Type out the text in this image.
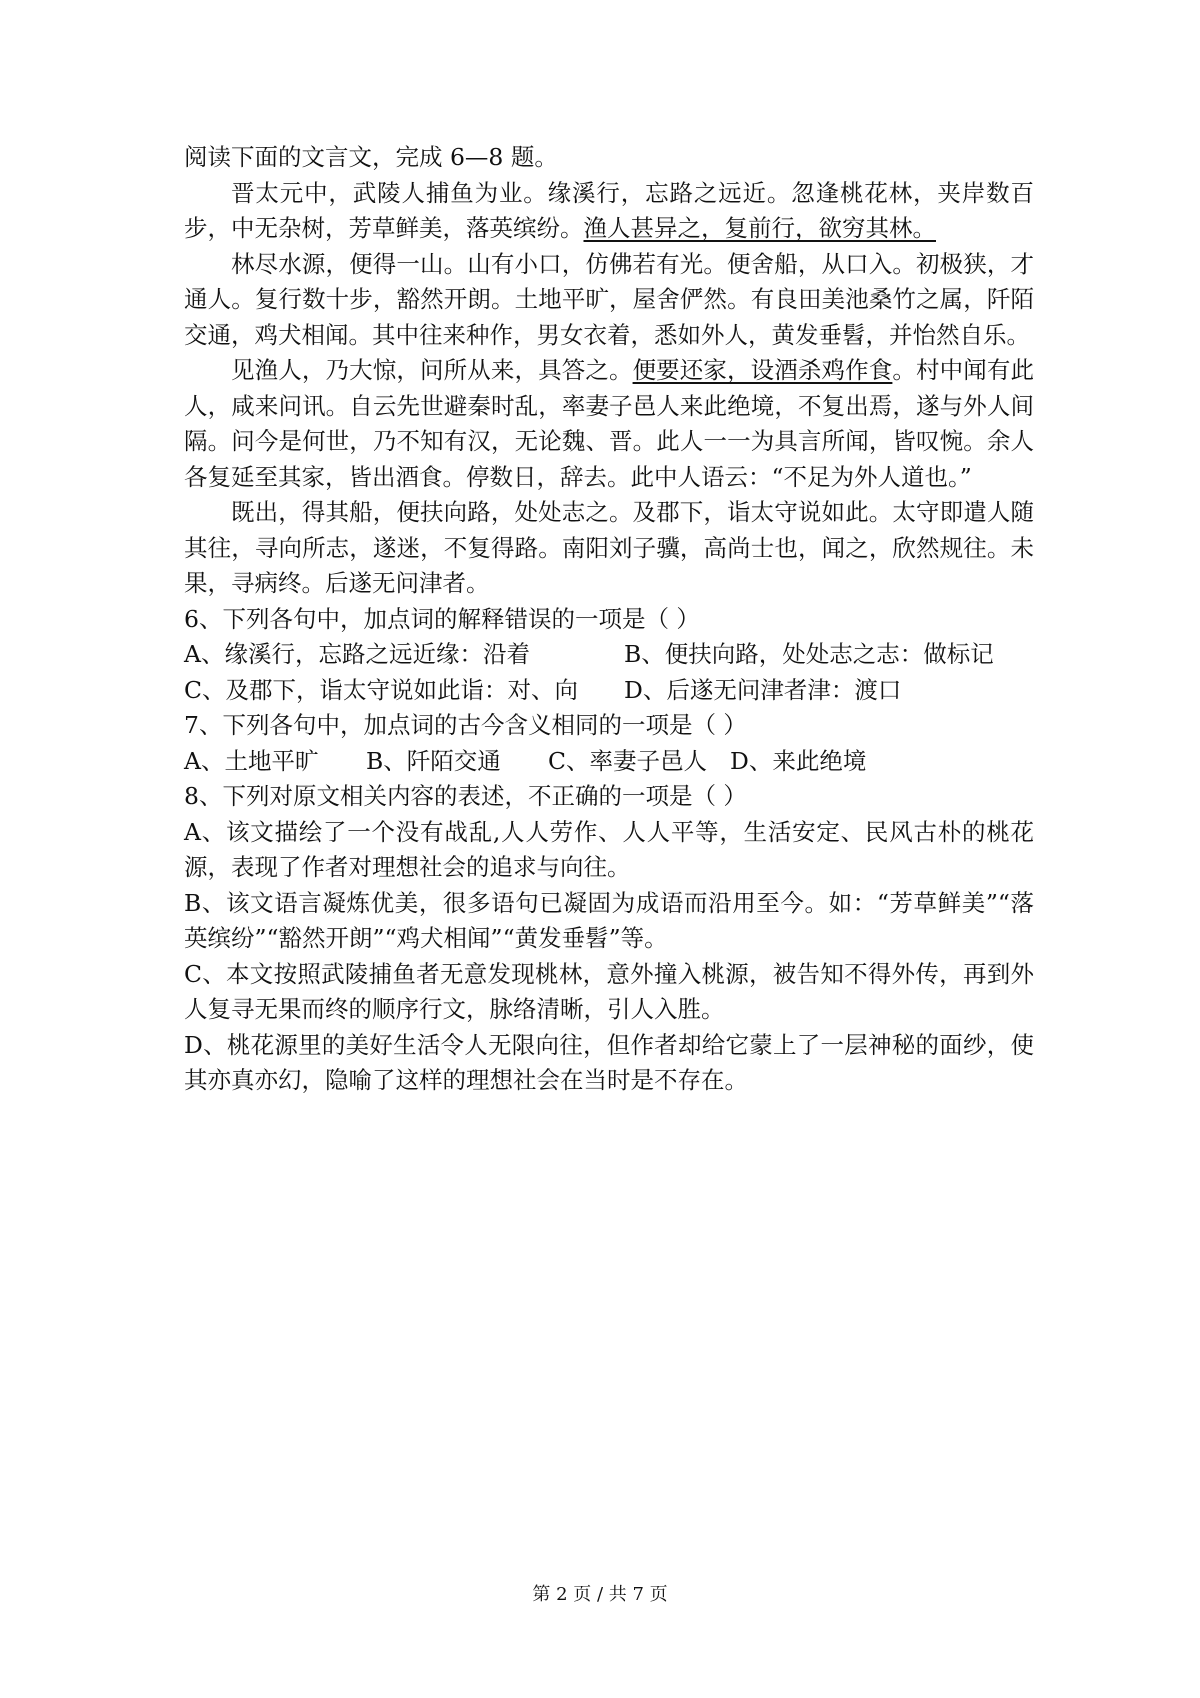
阅读下面的文言文，完成 6—8 题。

晋太元中，武陵人捕鱼为业。缘溪行，忘路之远近。忽逢桃花林，夹岸数百步，中无杂树，芳草鲜美，落英缤纷。渔人甚异之，复前行，欲穷其林。

林尽水源，便得一山。山有小口，仿佛若有光。便舍船，从口入。初极狭，才通人。复行数十步，豁然开朗。土地平旷，屋舍俨然。有良田美池桑竹之属，阡陌交通，鸡犬相闻。其中往来种作，男女衣着，悉如外人，黄发垂髫，并怡然自乐。

见渔人，乃大惊，问所从来，具答之。便要还家，设酒杀鸡作食。村中闻有此人，咸来问讯。自云先世避秦时乱，率妻子邑人来此绝境，不复出焉，遂与外人间隔。问今是何世，乃不知有汉，无论魏、晋。此人一一为具言所闻，皆叹惋。余人各复延至其家，皆出酒食。停数日，辞去。此中人语云：“不足为外人道也。”

既出，得其船，便扶向路，处处志之。及郡下，诣太守说如此。太守即遣人随其往，寻向所志，遂迷，不复得路。南阳刘子骥，高尚士也，闻之，欣然规往。未果，寻病终。后遂无问津者。

6、下列各句中，加点词的解释错误的一项是（ ）

A、缘溪行，忘路之远近缘：沿着	B、便扶向路，处处志之志：做标记
C、及郡下，诣太守说如此诣：对、向	D、后遂无问津者津：渡口

7、下列各句中，加点词的古今含义相同的一项是（ ）

A、土地平旷	B、阡陌交通	C、率妻子邑人 D、来此绝境

8、下列对原文相关内容的表述，不正确的一项是（ ）

A、该文描绘了一个没有战乱,人人劳作、人人平等，生活安定、民风古朴的桃花源，表现了作者对理想社会的追求与向往。

B、该文语言凝炼优美，很多语句已凝固为成语而沿用至今。如：“芳草鲜美”“落英缤纷”“豁然开朗”“鸡犬相闻”“黄发垂髫”等。

C、本文按照武陵捕鱼者无意发现桃林，意外撞入桃源，被告知不得外传，再到外人复寻无果而终的顺序行文，脉络清晰，引人入胜。

D、桃花源里的美好生活令人无限向往，但作者却给它蒙上了一层神秘的面纱，使其亦真亦幻，隐喻了这样的理想社会在当时是不存在。

第 2 页 / 共 7 页
